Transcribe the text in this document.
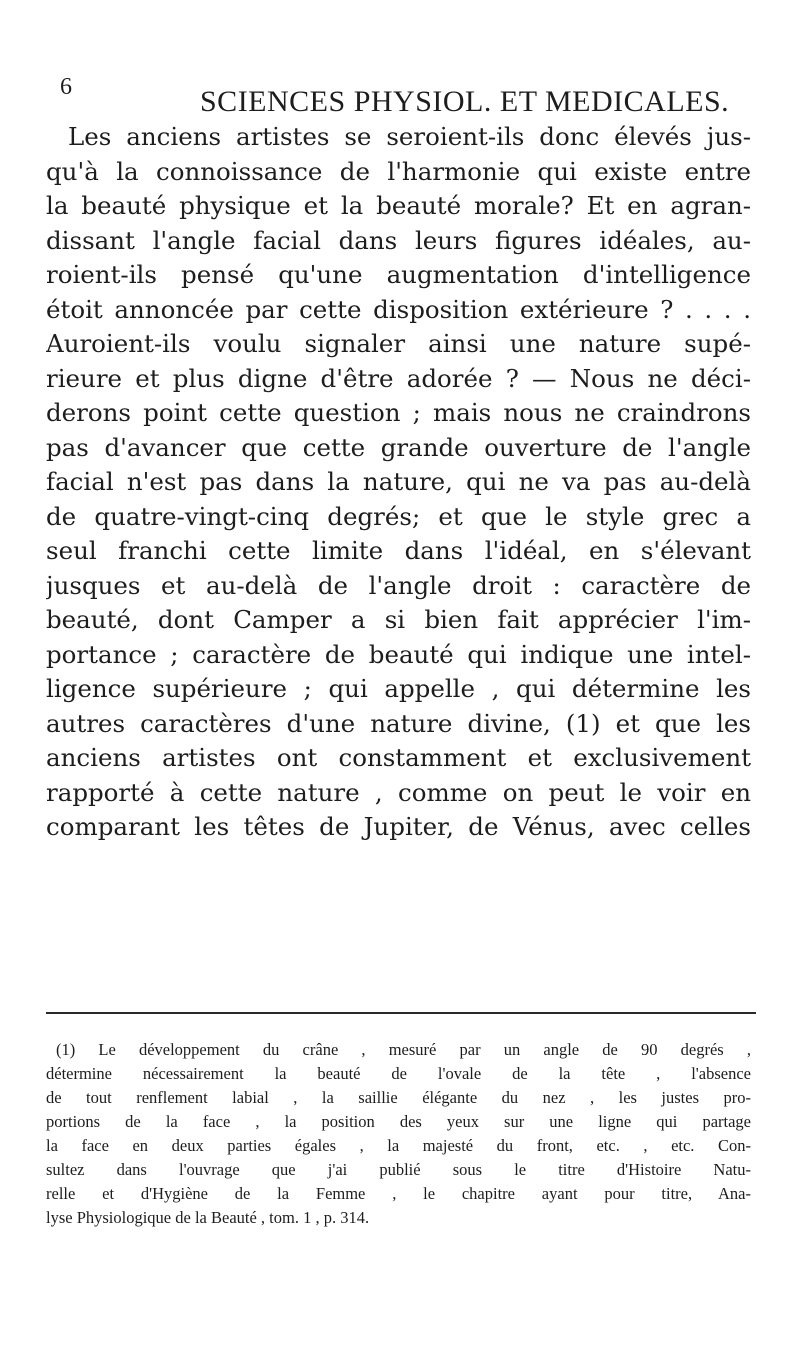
6	SCIENCES PHYSIOL. ET MEDICALES.
Les anciens artistes se seroient-ils donc élevés jus-
qu'à la connoissance de l'harmonie qui existe entre
la beauté physique et la beauté morale? Et en agran-
dissant l'angle facial dans leurs figures idéales, au-
roient-ils pensé qu'une augmentation d'intelligence
étoit annoncée par cette disposition extérieure ? . . . .
Auroient-ils voulu signaler ainsi une nature supé-
rieure et plus digne d'être adorée ? — Nous ne déci-
derons point cette question ; mais nous ne craindrons
pas d'avancer que cette grande ouverture de l'angle
facial n'est pas dans la nature, qui ne va pas au-delà
de quatre-vingt-cinq degrés; et que le style grec a
seul franchi cette limite dans l'idéal, en s'élevant
jusques et au-delà de l'angle droit : caractère de
beauté, dont Camper a si bien fait apprécier l'im-
portance ; caractère de beauté qui indique une intel-
ligence supérieure ; qui appelle , qui détermine les
autres caractères d'une nature divine, (1) et que les
anciens artistes ont constamment et exclusivement
rapporté à cette nature , comme on peut le voir en
comparant les têtes de Jupiter, de Vénus, avec celles
(1) Le développement du crâne , mesuré par un angle de 90 degrés ,
détermine nécessairement la beauté de l'ovale de la tête , l'absence
de tout renflement labial , la saillie élégante du nez , les justes pro-
portions de la face , la position des yeux sur une ligne qui partage
la face en deux parties égales , la majesté du front, etc. , etc. Con-
sultez dans l'ouvrage que j'ai publié sous le titre d'Histoire Natu-
relle et d'Hygiène de la Femme , le chapitre ayant pour titre, Ana-
lyse Physiologique de la Beauté , tom. 1 , p. 314.
